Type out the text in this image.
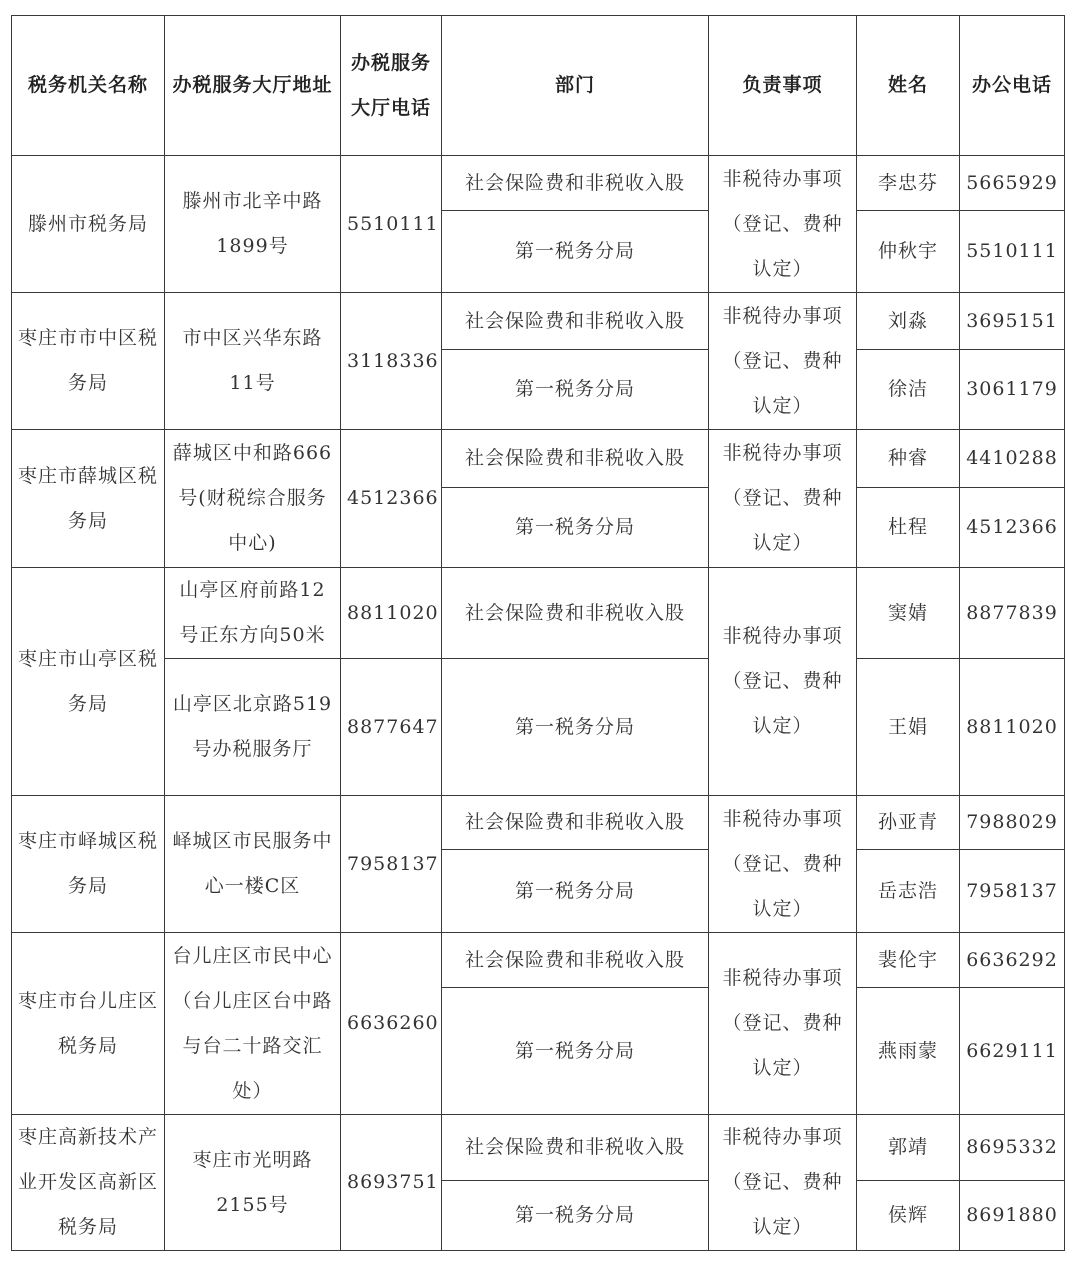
税务机关名称	办税服务大厅地址	办税服务大厅电话	部门	负责事项	姓名	办公电话
滕州市税务局	滕州市北辛中路1899号	5510111	社会保险费和非税收入股	非税待办事项（登记、费种认定）	李忠芬	5665929
			第一税务分局		仲秋宇	5510111
枣庄市市中区税务局	市中区兴华东路11号	3118336	社会保险费和非税收入股	非税待办事项（登记、费种认定）	刘淼	3695151
			第一税务分局		徐洁	3061179
枣庄市薛城区税务局	薛城区中和路666号(财税综合服务中心)	4512366	社会保险费和非税收入股	非税待办事项（登记、费种认定）	种睿	4410288
			第一税务分局		杜程	4512366
枣庄市山亭区税务局	山亭区府前路12号正东方向50米	8811020	社会保险费和非税收入股	非税待办事项（登记、费种认定）	窦婧	8877839
	山亭区北京路519号办税服务厅	8877647	第一税务分局		王娟	8811020
枣庄市峄城区税务局	峄城区市民服务中心一楼C区	7958137	社会保险费和非税收入股	非税待办事项（登记、费种认定）	孙亚青	7988029
			第一税务分局		岳志浩	7958137
枣庄市台儿庄区税务局	台儿庄区市民中心（台儿庄区台中路与台二十路交汇处）	6636260	社会保险费和非税收入股	非税待办事项（登记、费种认定）	裴伦宇	6636292
			第一税务分局		燕雨蒙	6629111
枣庄高新技术产业开发区高新区税务局	枣庄市光明路2155号	8693751	社会保险费和非税收入股	非税待办事项（登记、费种认定）	郭靖	8695332
			第一税务分局		侯辉	8691880
